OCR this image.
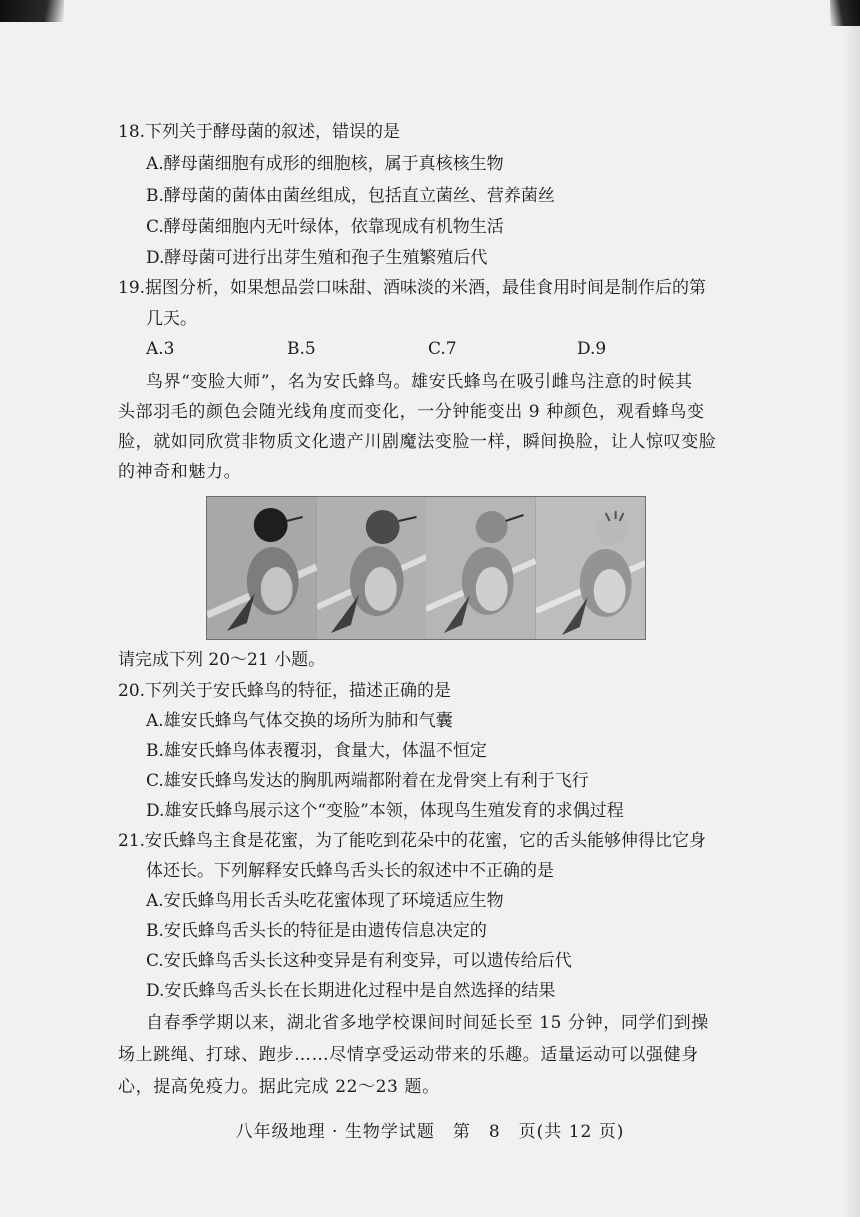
18.下列关于酵母菌的叙述，错误的是
A.酵母菌细胞有成形的细胞核，属于真核核生物
B.酵母菌的菌体由菌丝组成，包括直立菌丝、营养菌丝
C.酵母菌细胞内无叶绿体，依靠现成有机物生活
D.酵母菌可进行出芽生殖和孢子生殖繁殖后代
19.据图分析，如果想品尝口味甜、酒味淡的米酒，最佳食用时间是制作后的第
几天。
A.3	B.5	C.7	D.9
鸟界“变脸大师”，名为安氏蜂鸟。雄安氏蜂鸟在吸引雌鸟注意的时候其
头部羽毛的颜色会随光线角度而变化，一分钟能变出 9 种颜色，观看蜂鸟变
脸，就如同欣赏非物质文化遗产川剧魔法变脸一样，瞬间换脸，让人惊叹变脸
的神奇和魅力。
请完成下列 20～21 小题。
20.下列关于安氏蜂鸟的特征，描述正确的是
A.雄安氏蜂鸟气体交换的场所为肺和气囊
B.雄安氏蜂鸟体表覆羽，食量大，体温不恒定
C.雄安氏蜂鸟发达的胸肌两端都附着在龙骨突上有利于飞行
D.雄安氏蜂鸟展示这个“变脸”本领，体现鸟生殖发育的求偶过程
21.安氏蜂鸟主食是花蜜，为了能吃到花朵中的花蜜，它的舌头能够伸得比它身
体还长。下列解释安氏蜂鸟舌头长的叙述中不正确的是
A.安氏蜂鸟用长舌头吃花蜜体现了环境适应生物
B.安氏蜂鸟舌头长的特征是由遗传信息决定的
C.安氏蜂鸟舌头长这种变异是有利变异，可以遗传给后代
D.安氏蜂鸟舌头长在长期进化过程中是自然选择的结果
自春季学期以来，湖北省多地学校课间时间延长至 15 分钟，同学们到操
场上跳绳、打球、跑步……尽情享受运动带来的乐趣。适量运动可以强健身
心，提高免疫力。据此完成 22～23 题。
八年级地理 · 生物学试题　第　8　页(共 12 页)
